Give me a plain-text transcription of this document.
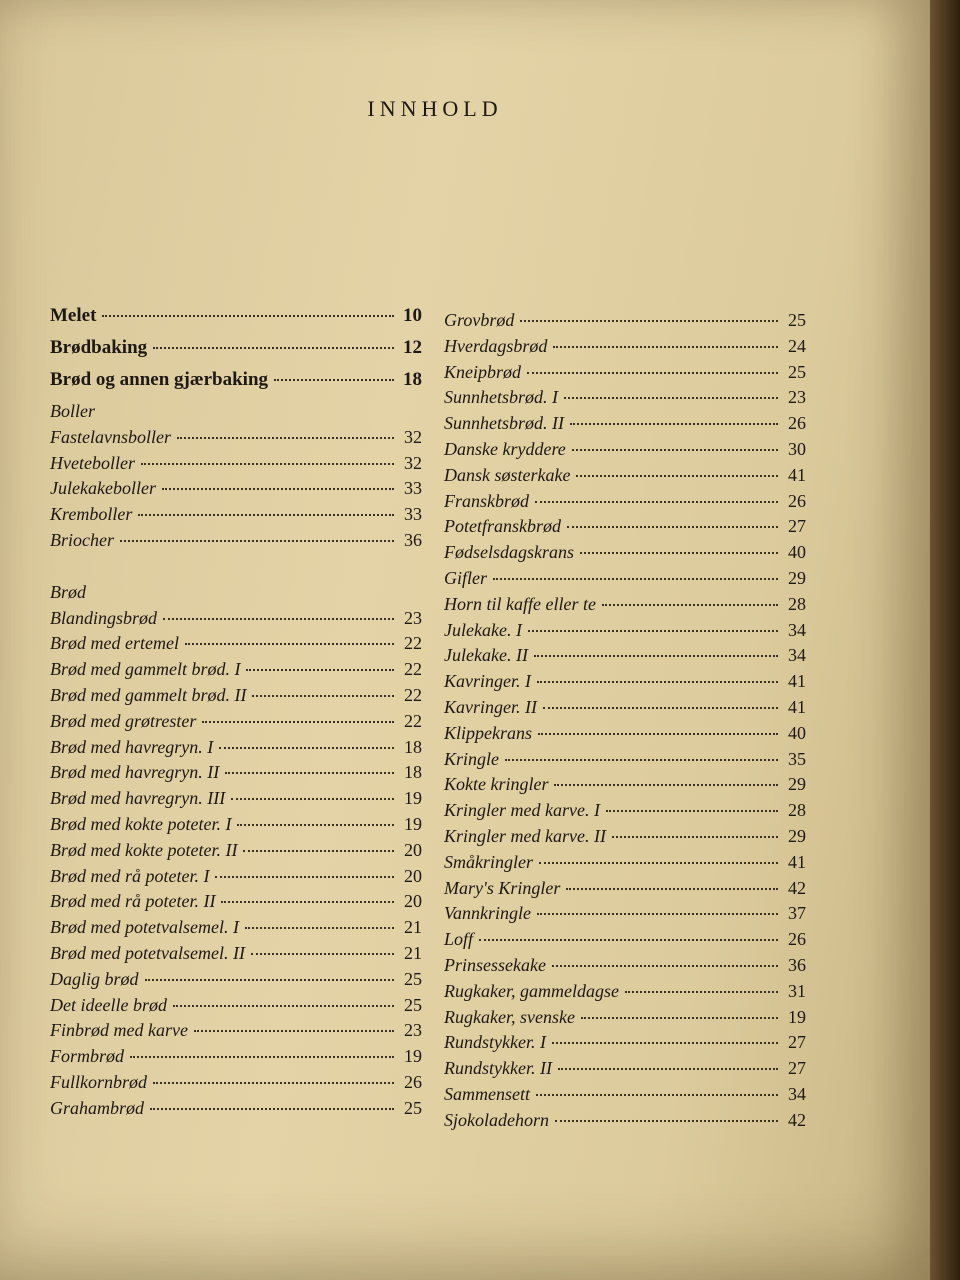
INNHOLD
Melet	10
Brødbaking	12
Brød og annen gjærbaking	18
Boller
Fastelavnsboller	32
Hveteboller	32
Julekakeboller	33
Kremboller	33
Briocher	36
Brød
Blandingsbrød	23
Brød med ertemel	22
Brød med gammelt brød. I	22
Brød med gammelt brød. II	22
Brød med grøtrester	22
Brød med havregryn. I	18
Brød med havregryn. II	18
Brød med havregryn. III	19
Brød med kokte poteter. I	19
Brød med kokte poteter. II	20
Brød med rå poteter. I	20
Brød med rå poteter. II	20
Brød med potetvalsemel. I	21
Brød med potetvalsemel. II	21
Daglig brød	25
Det ideelle brød	25
Finbrød med karve	23
Formbrød	19
Fullkornbrød	26
Grahambrød	25
Grovbrød	25
Hverdagsbrød	24
Kneipbrød	25
Sunnhetsbrød. I	23
Sunnhetsbrød. II	26
Danske kryddere	30
Dansk søsterkake	41
Franskbrød	26
Potetfranskbrød	27
Fødselsdagskrans	40
Gifler	29
Horn til kaffe eller te	28
Julekake. I	34
Julekake. II	34
Kavringer. I	41
Kavringer. II	41
Klippekrans	40
Kringle	35
Kokte kringler	29
Kringler med karve. I	28
Kringler med karve. II	29
Småkringler	41
Mary's Kringler	42
Vannkringle	37
Loff	26
Prinsessekake	36
Rugkaker, gammeldagse	31
Rugkaker, svenske	19
Rundstykker. I	27
Rundstykker. II	27
Sammensett	34
Sjokoladehorn	42
